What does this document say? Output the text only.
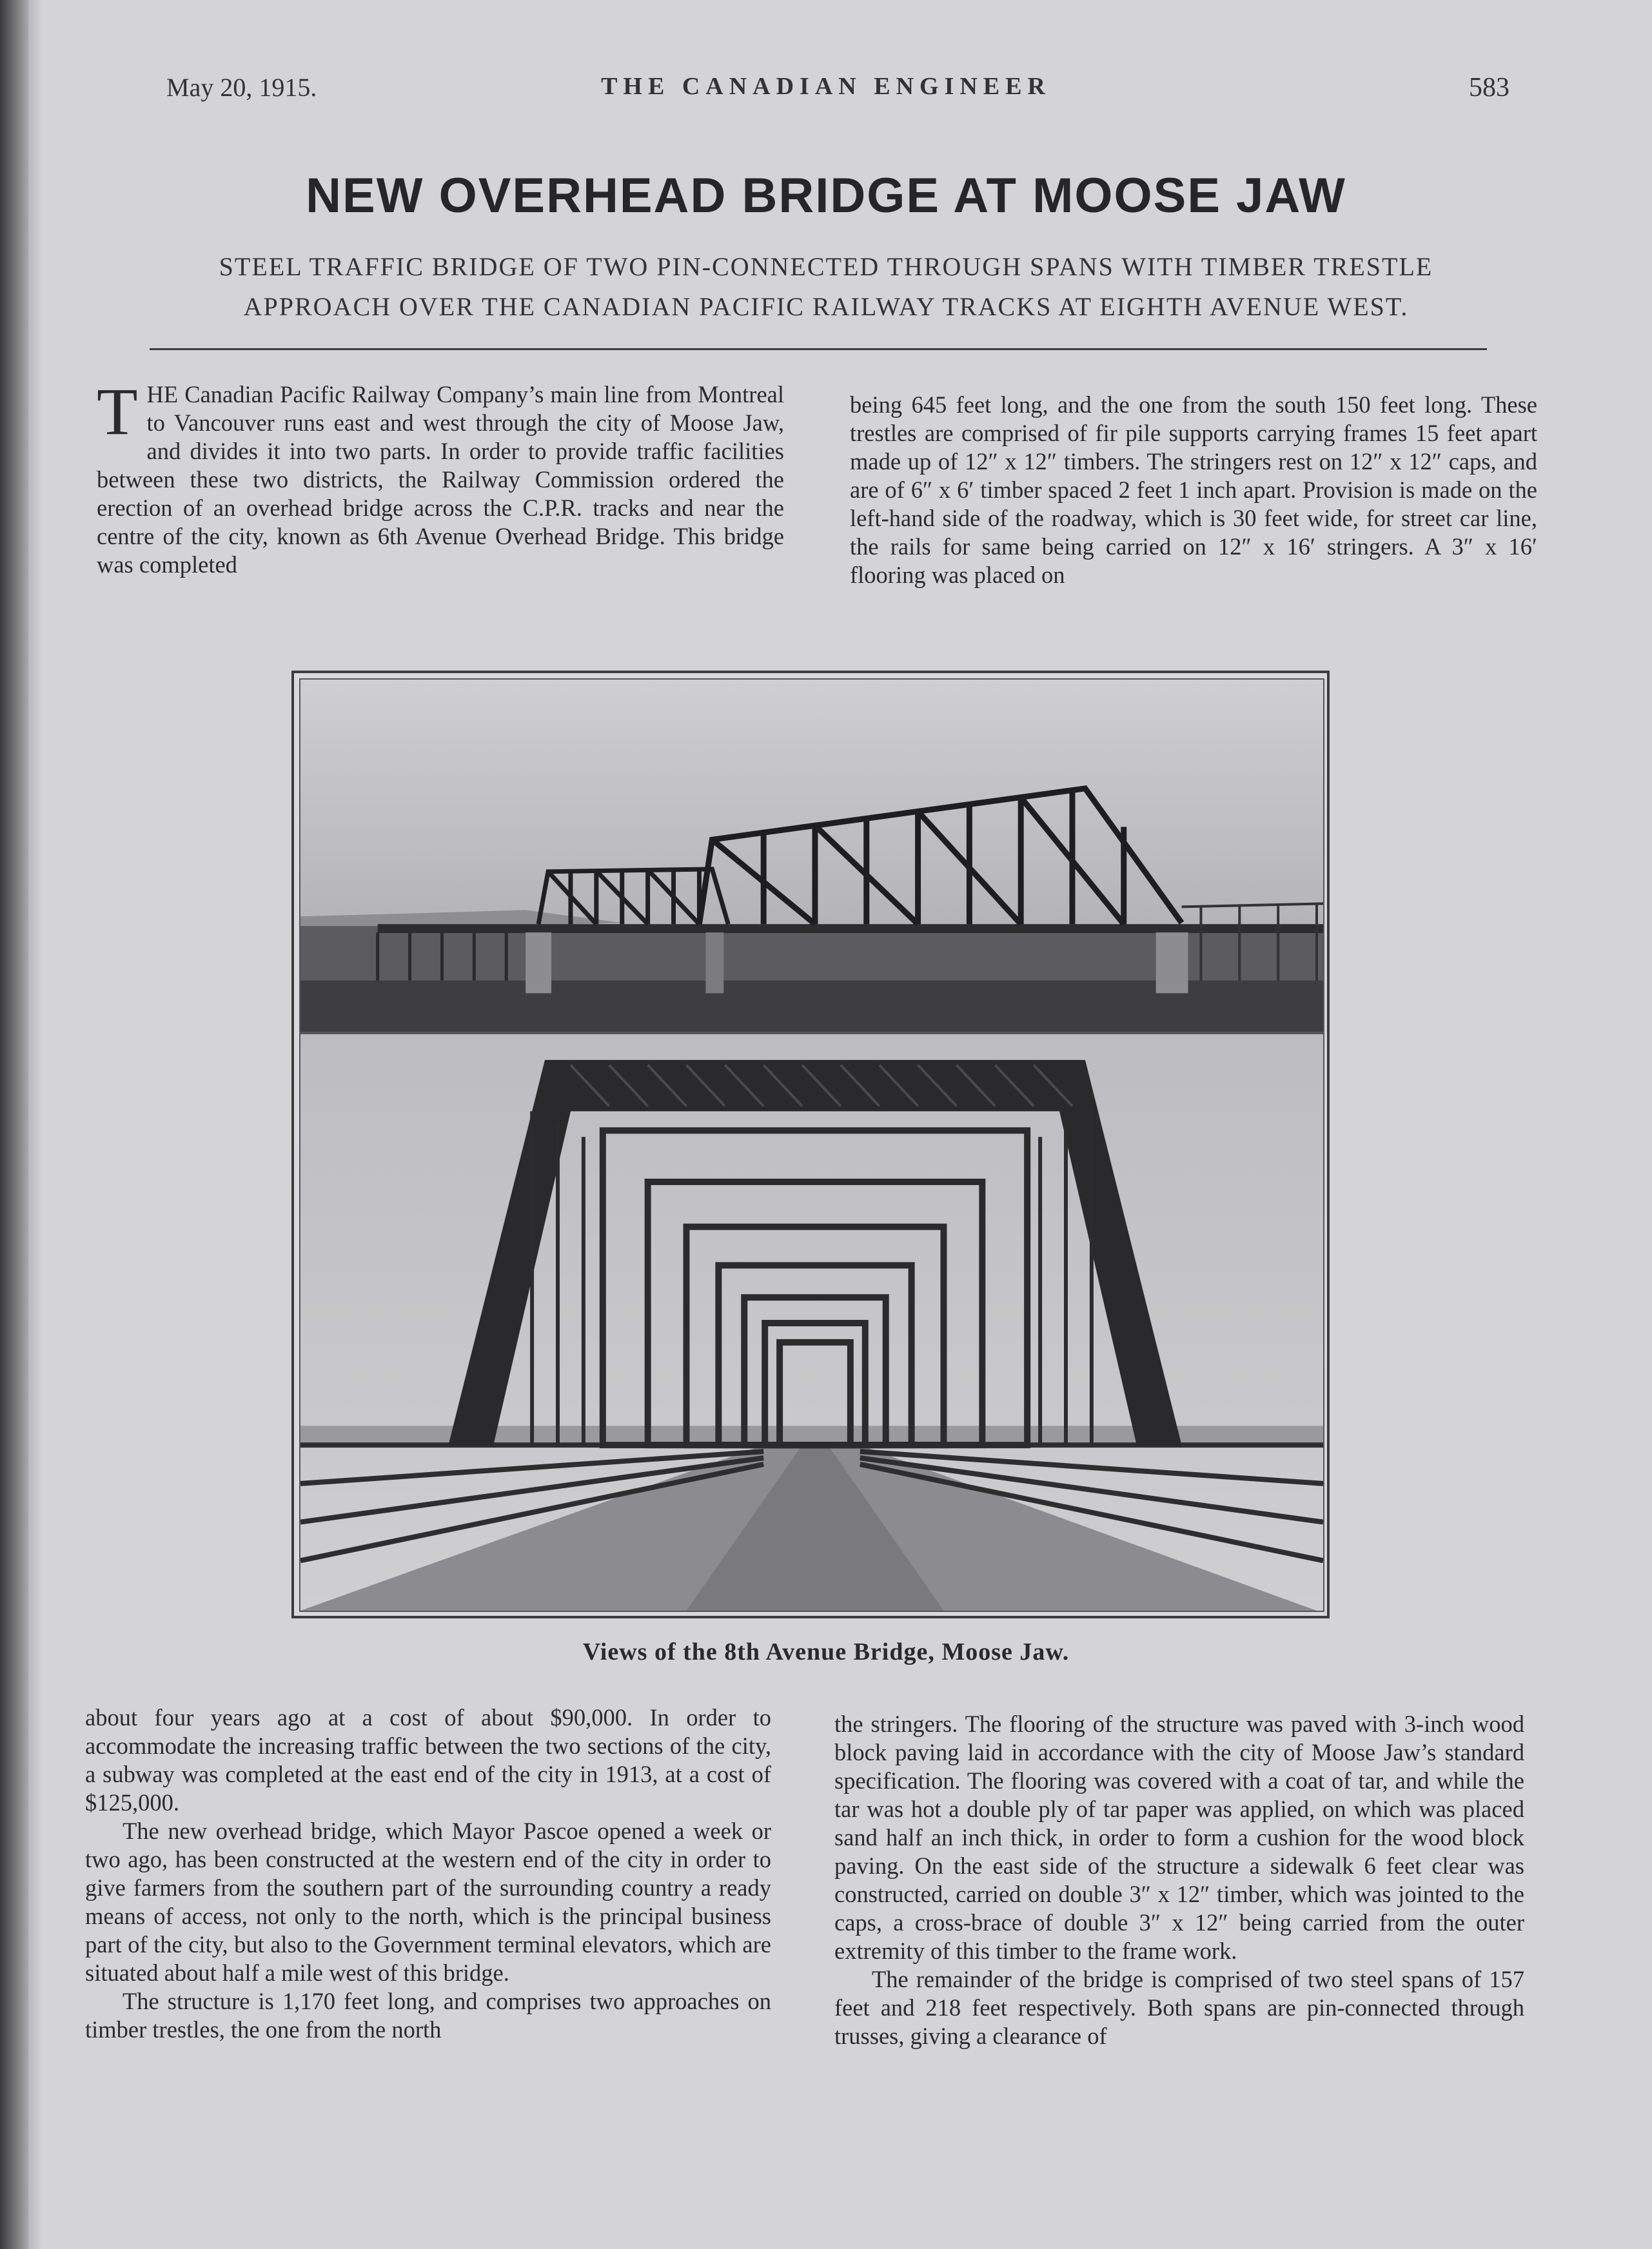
May 20, 1915.	THE CANADIAN ENGINEER	583
NEW OVERHEAD BRIDGE AT MOOSE JAW
STEEL TRAFFIC BRIDGE OF TWO PIN-CONNECTED THROUGH SPANS WITH TIMBER TRESTLE
APPROACH OVER THE CANADIAN PACIFIC RAILWAY TRACKS AT EIGHTH AVENUE WEST.
T HE Canadian Pacific Railway Company’s main line from Montreal to Vancouver runs east and west through the city of Moose Jaw, and divides it into two parts. In order to provide traffic facilities between these two districts, the Railway Commission ordered the erection of an overhead bridge across the C.P.R. tracks and near the centre of the city, known as 6th Avenue Overhead Bridge. This bridge was completed

being 645 feet long, and the one from the south 150 feet long. These trestles are comprised of fir pile supports carrying frames 15 feet apart made up of 12″ x 12″ timbers. The stringers rest on 12″ x 12″ caps, and are of 6″ x 6′ timber spaced 2 feet 1 inch apart. Provision is made on the left-hand side of the roadway, which is 30 feet wide, for street car line, the rails for same being carried on 12″ x 16′ stringers. A 3″ x 16′ flooring was placed on

Views of the 8th Avenue Bridge, Moose Jaw.

about four years ago at a cost of about $90,000. In order to accommodate the increasing traffic between the two sections of the city, a subway was completed at the east end of the city in 1913, at a cost of $125,000.

The new overhead bridge, which Mayor Pascoe opened a week or two ago, has been constructed at the western end of the city in order to give farmers from the southern part of the surrounding country a ready means of access, not only to the north, which is the principal business part of the city, but also to the Government terminal elevators, which are situated about half a mile west of this bridge.

The structure is 1,170 feet long, and comprises two approaches on timber trestles, the one from the north

the stringers. The flooring of the structure was paved with 3-inch wood block paving laid in accordance with the city of Moose Jaw’s standard specification. The flooring was covered with a coat of tar, and while the tar was hot a double ply of tar paper was applied, on which was placed sand half an inch thick, in order to form a cushion for the wood block paving. On the east side of the structure a sidewalk 6 feet clear was constructed, carried on double 3″ x 12″ timber, which was jointed to the caps, a cross-brace of double 3″ x 12″ being carried from the outer extremity of this timber to the frame work.

The remainder of the bridge is comprised of two steel spans of 157 feet and 218 feet respectively. Both spans are pin-connected through trusses, giving a clearance of
